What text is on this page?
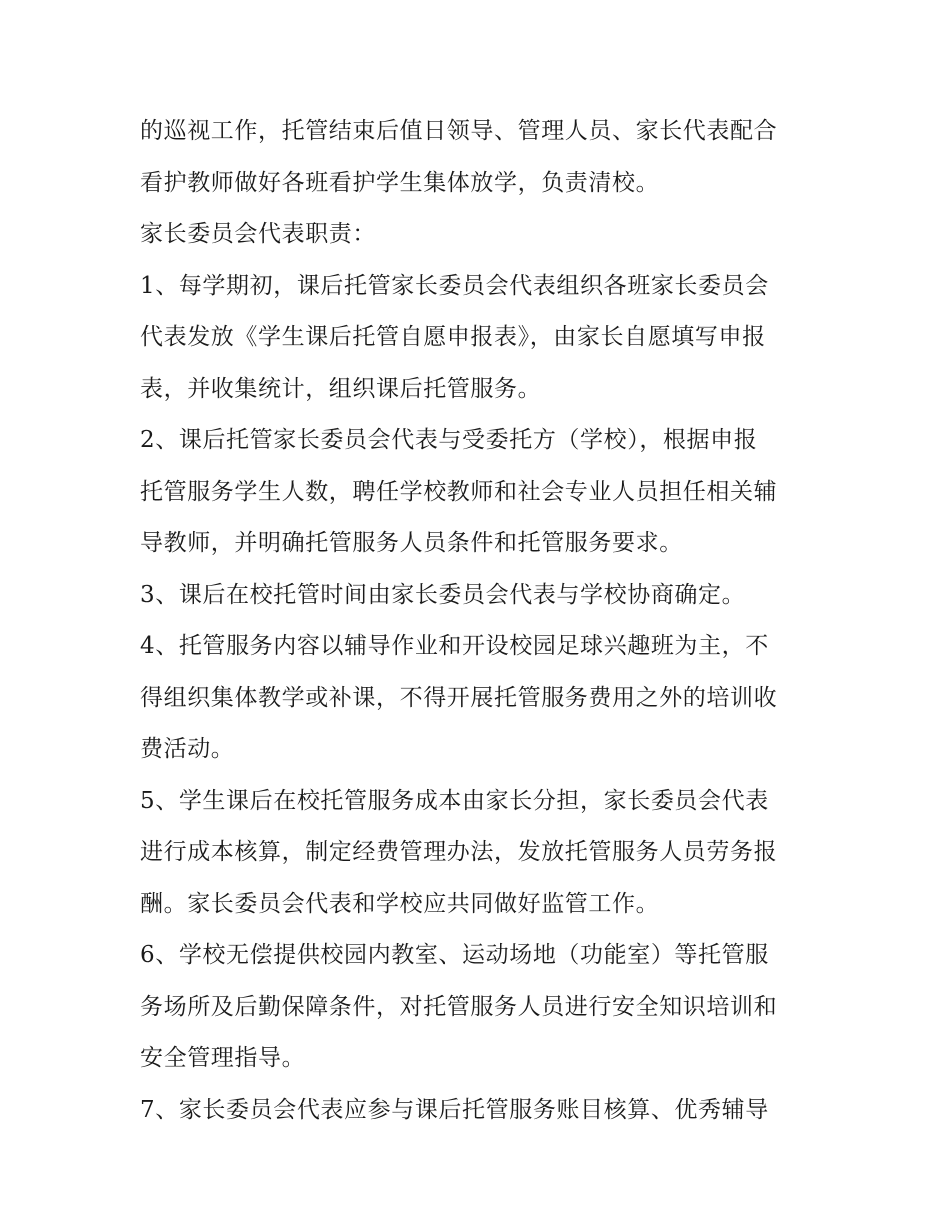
的巡视工作，托管结束后值日领导、管理人员、家长代表配合
看护教师做好各班看护学生集体放学，负责清校。
家长委员会代表职责：
1、每学期初，课后托管家长委员会代表组织各班家长委员会
代表发放《学生课后托管自愿申报表》，由家长自愿填写申报
表，并收集统计，组织课后托管服务。
2、课后托管家长委员会代表与受委托方（学校），根据申报
托管服务学生人数，聘任学校教师和社会专业人员担任相关辅
导教师，并明确托管服务人员条件和托管服务要求。
3、课后在校托管时间由家长委员会代表与学校协商确定。
4、托管服务内容以辅导作业和开设校园足球兴趣班为主，不
得组织集体教学或补课，不得开展托管服务费用之外的培训收
费活动。
5、学生课后在校托管服务成本由家长分担，家长委员会代表
进行成本核算，制定经费管理办法，发放托管服务人员劳务报
酬。家长委员会代表和学校应共同做好监管工作。
6、学校无偿提供校园内教室、运动场地（功能室）等托管服
务场所及后勤保障条件，对托管服务人员进行安全知识培训和
安全管理指导。
7、家长委员会代表应参与课后托管服务账目核算、优秀辅导
